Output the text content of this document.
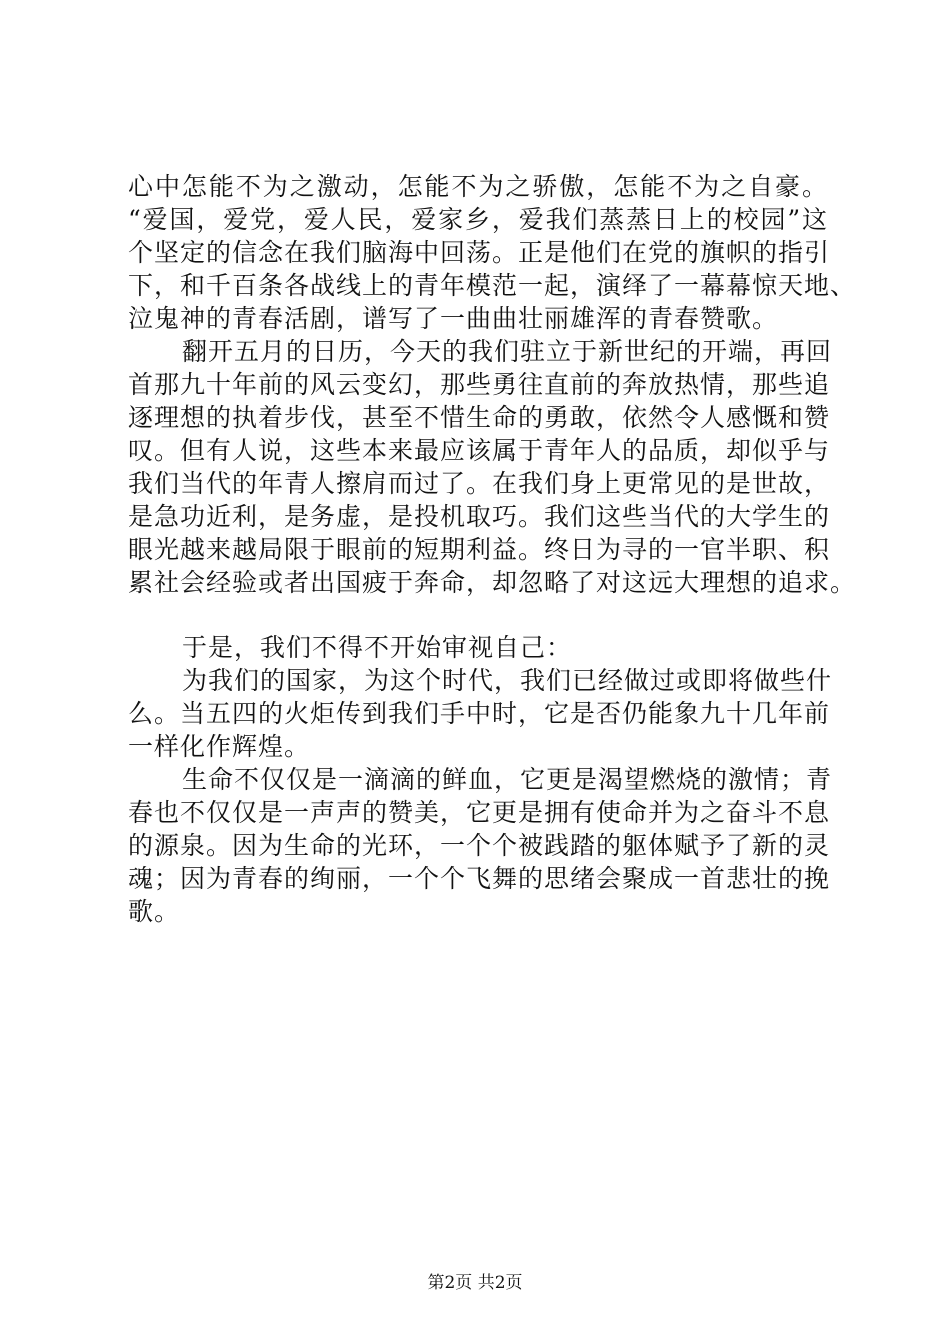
心中怎能不为之激动，怎能不为之骄傲，怎能不为之自豪。
“爱国，爱党，爱人民，爱家乡，爱我们蒸蒸日上的校园”这
个坚定的信念在我们脑海中回荡。正是他们在党的旗帜的指引
下，和千百条各战线上的青年模范一起，演绎了一幕幕惊天地、
泣鬼神的青春活剧，谱写了一曲曲壮丽雄浑的青春赞歌。
翻开五月的日历，今天的我们驻立于新世纪的开端，再回
首那九十年前的风云变幻，那些勇往直前的奔放热情，那些追
逐理想的执着步伐，甚至不惜生命的勇敢，依然令人感慨和赞
叹。但有人说，这些本来最应该属于青年人的品质，却似乎与
我们当代的年青人擦肩而过了。在我们身上更常见的是世故，
是急功近利，是务虚，是投机取巧。我们这些当代的大学生的
眼光越来越局限于眼前的短期利益。终日为寻的一官半职、积
累社会经验或者出国疲于奔命，却忽略了对这远大理想的追求。
于是，我们不得不开始审视自己：
为我们的国家，为这个时代，我们已经做过或即将做些什
么。当五四的火炬传到我们手中时，它是否仍能象九十几年前
一样化作辉煌。
生命不仅仅是一滴滴的鲜血，它更是渴望燃烧的激情；青
春也不仅仅是一声声的赞美，它更是拥有使命并为之奋斗不息
的源泉。因为生命的光环，一个个被践踏的躯体赋予了新的灵
魂；因为青春的绚丽，一个个飞舞的思绪会聚成一首悲壮的挽
歌。
第2页 共2页
